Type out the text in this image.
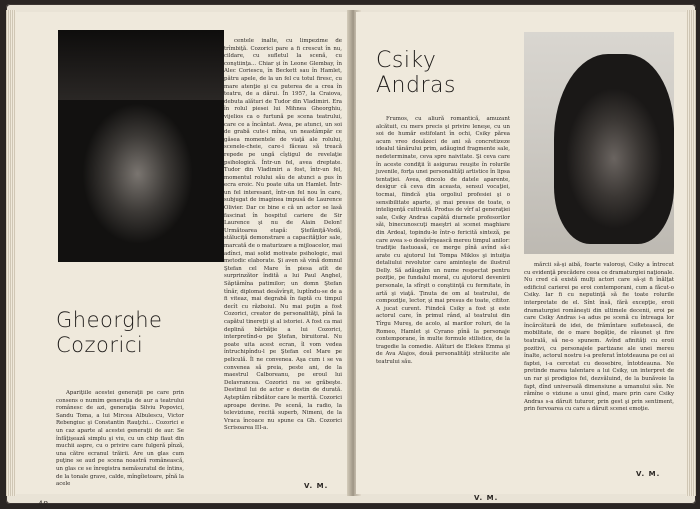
Gheorghe
Cozorici

Apariţiile acestei generaţii pe care prin consens o numim generaţia de aur a teatrului românesc de azi, generaţia Silviu Popovici, Sandu Toma, a lui Mircea Albulescu, Victor Rebengiuc şi Constantin Rauţchi... Cozorici e un caz aparte al acestei generaţii de aur. Se înfăţişează simplu şi viu, cu un chip flaut din muchii aspre, cu o privire care fulgeră pînză, una către ecranul trăirii. Are un glas cum puţine se aud pe scena noastră românească, un glas ce se înregistra nemăsuratul de întins, de la tonale grave, calde, mîngîietoare, pînă la acele

centele inalte, cu limpezime de trîmbiţă. Cozorici pare a fi crescut în nu, cildare, cu sufletul la scenă, cu conştiinţa... Chiar şi în Leone Glembay, în Alec Coriescu, în Beckett sau în Hamlet, pătru apele, de la un fel cu totul firesc, cu mare atenţie şi cu puterea de a crea în teatru, de a dărui. În 1957, la Craiova, debuta alături de Tudor din Vladimiri. Era în rolul piesei lui Mihnea Gheorghiu, vijelios ca o furtună pe scena teatrului, care ce a încântat. Avea, pe atunci, un soi de grabă cute-i mîna, un neastâmpăr ce găsea momentele de viaţă ale rolului, scenele-cheie, care-i făceau să treacă repede pe ungă cîştigul de revelaţie psihologică. Într-un fel, avea dreptate. Tudor din Vladimiri a fost, într-un fel, momentul rolului său de atunci a pus în ecra eroic. Nu poate uita un Hamlet. Într-un fel interesant, într-un fel nou în care, subjugat de imaginea impusă de Laurence Olivier. Dar ce bine e că un actor se lasă fascinat în hospitul cariere de Sir Laurence şi nu de Alain Delon! Următoarea etapă: Ştefăniţă-Vodă, stăluciţă demonstrare a capacităţilor sale, marcată de o maturizare a mijloacelor, mai adînci, mai solid motivate psihologic, mai metodic elaborate. Şi aven să vină domnul Ştefan cel Mare în piesa atît de surprinzător îndită a lui Paul Anghel, Săptămîna patimilor; un domn Ştefan tînăr, diplomat desăvîrşit, luptîndu-se de a fi viteaz, mai degrabă în faptă cu timpul decît cu războiul. Nu mai puţin a fost Cozorici, creator de personalităţi, pînă la capătul tinereţii şi al istoriei. A fost ca mai deplină bărbăţie a lui Cozorici, interpretînd-o pe Ştefan, biruitoral. Nu poate uita acest ecran, îl vom vedea întruchipîndu-l pe Ştefan cel Mare pe peliculă. Îl ne convenea. Aşa cum i se va convenea să preia, peste ani, de la maestrul Calboreanu, pe eroul lui Delavrancea. Cozorici nu se grăbeşte. Destinul lui de actor e destin de durată. Aşteptăm răbdător care le merită. Cozorici aproape devine. Pe scenă, la radio, la televiziune, recită superb, Nimeni, de la Vraca încoace nu spune ca Gh. Cozorici Scrisoarea III-a.

V. M.
48
Csiky
Andras

Frumos, cu aliură romantică, amuzant alcătuit, cu mers precis şi privire leneşe, cu un soi de humăr estifolant în ochi, Csiky părea acum vreo douăzeci de ani să concretizeze idealul tânărului prim, adăugind fragmente sale, nedeterminate, ceva spre naivitate. Şi ceva care în aceste condiţii îi asigurau reuşite în rolurile juvenile, forţa unei personalităţi artistice în lipsa tentaţiei. Avea, dincolo de datele aparente, desigur că ceva din aceasta, sensul vocaţiei, tocmai, fiindcă ştia orgoliul profesiei şi o sensibilitate aparte, şi mai presus de toate, o inteligenţă cultivată. Produs de vîrf al generaţiei sale, Csiky Andras capătă diurnele profesorilor săi, binecunoscuţi maeştri ai scenei maghiare din Ardeal, topindu-le într-o fericită sinteză, pe care avea s-o desăvîrşească mereu timpul anilor: tradiţie fastuoasă, ce merge pînă avînd să-i arate cu ajutorul lui Tompa Miklos şi intuiţia detaliului revolutor care aminteşte de ilustrul Delly. Să adăugăm un nume respectat pentru poziţie, pe fundalul moral, cu ajutorul devenirii personale, la sfîrşit o conştiinţă cu fermitate, în artă şi viaţă. Ţinuta de om al teatrului, de compoziţie, lector, şi mai presus de toate, cititor. A jucat curent. Fiindcă Csiky a fost şi este actorul care, în primul rând, al teatrului din Tîrgu Mureş, de acolo, al marilor roluri, de la Romeo, Hamlet şi Cyrano pînă la personaje contemporane, în multe formule stilistice, de la tragedie la comedie. Alături de Elekes Emma şi de Ava Alajos, două personalităţi strălucite ale teatrului său.

mărcii să-şi aibă, foarte valoroşi, Csiky a întrecut cu evidenţă precădere ceea ce dramaturgiei naţionale. Nu cred că există mulţi actori care să-şi fi înălţat edificiul carierei pe eroi contemporani, cum a făcut-o Csiky. Iar fi cu neputinţă să fie toate rolurile interpretate de el. Sînt însă, fără excepţie, eroii dramaturgiei româneşti din ultimele decenii, eroi pe care Csiky Andras i-a adus pe scenă cu întreaga lor încărcătură de idei, de frămîntare sufletească, de mobilitate, de o mare bogăţie, de răsunet şi fire teatrală, să ne-o spunem. Avînd afinităţi cu eroii pozitivi, cu personajele partizane ale unei mereu înalte, actorul nostru i-a preferat întotdeauna pe cei ai faptei, i-a cercetat cu deosebire, întotdeauna. Ne pretinde marea talentare a lui Csiky, un interpret de un rar şi prodigios fel, dezvăluind, de la bunăvoie la fapt, dînd universală dimensiune a umanului său. Ne rămîne o viziune a unui gînd, mare prin care Csiky Andras s-a dăruit tuturor, prin gest şi prin sentiment, prin fervoarea cu care a dăruit scenei emoţie.

V. M.
V. M.
